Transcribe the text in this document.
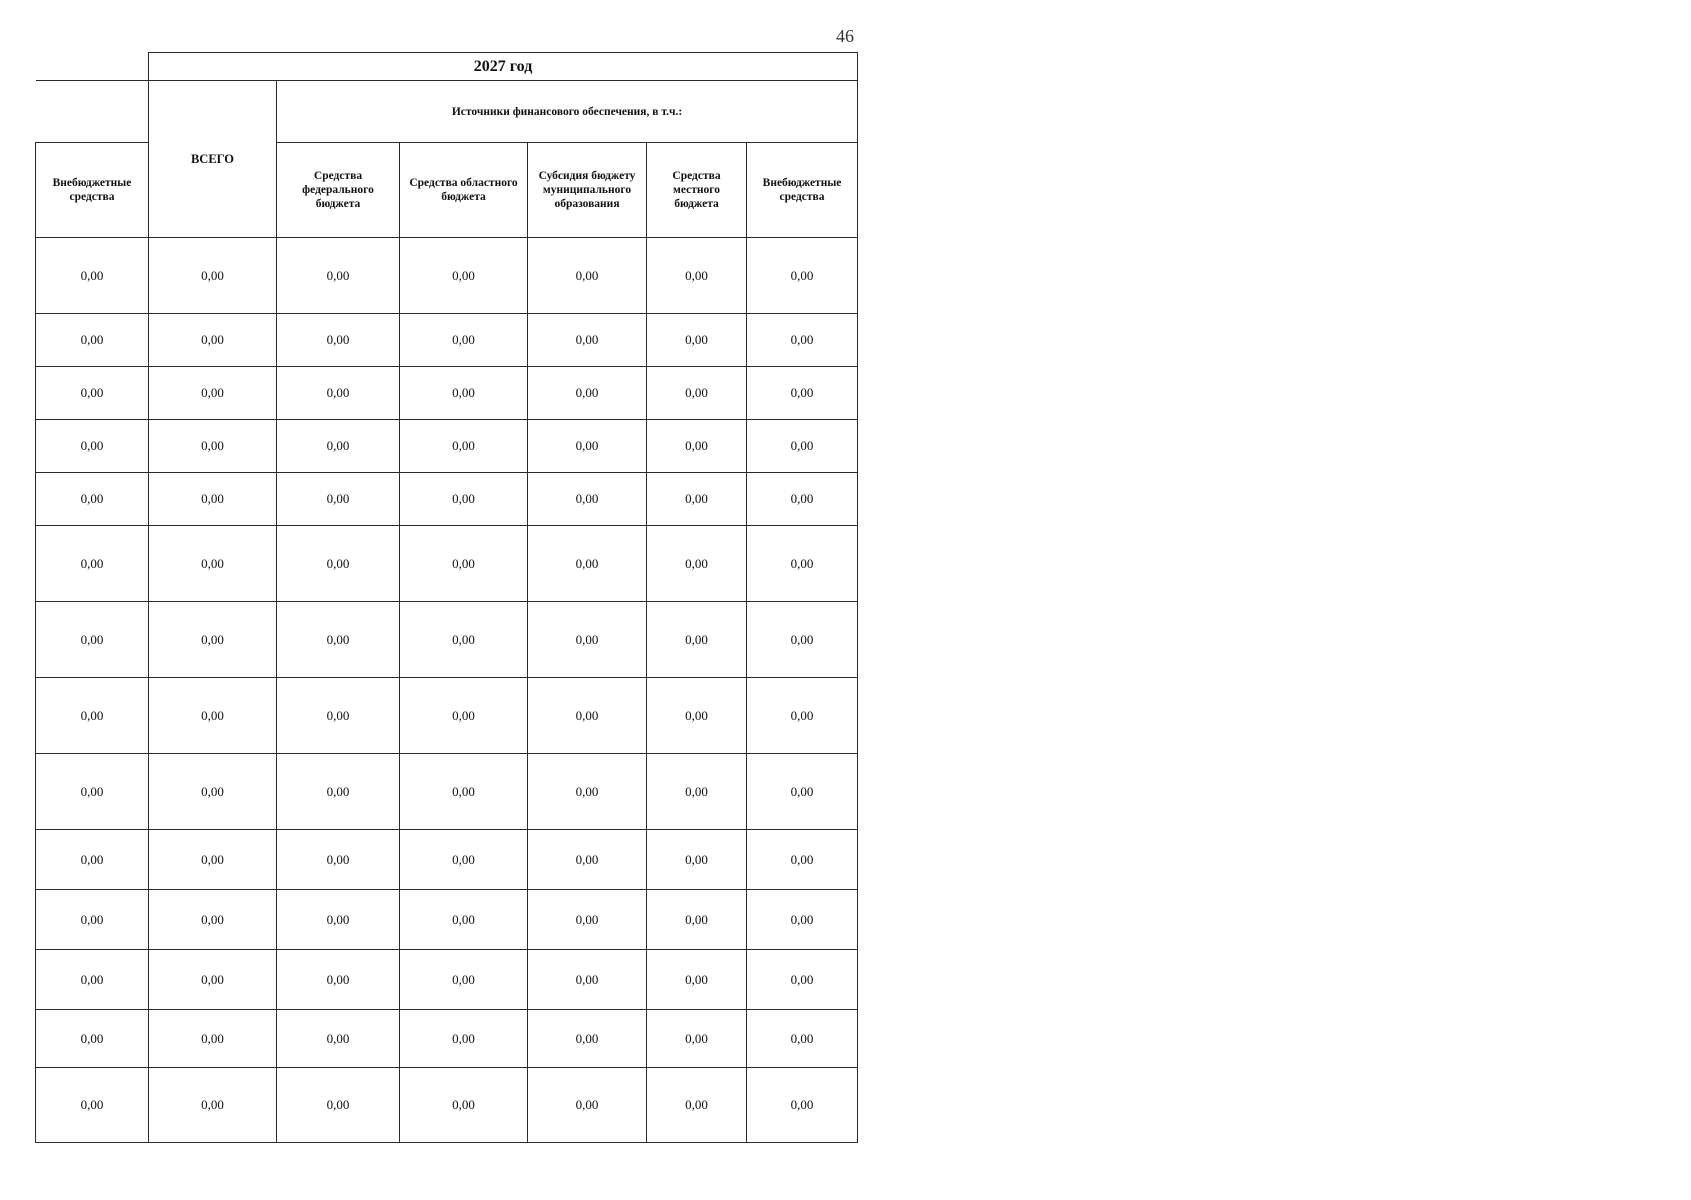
46
	2027 год					
	ВСЕГО	Источники финансового обеспечения, в т.ч.:				
Внебюджетные средства		Средства федерального бюджета	Средства областного бюджета	Субсидия бюджету муниципального образования	Средства местного бюджета	Внебюджетные средства
0,00	0,00	0,00	0,00	0,00	0,00	0,00
0,00	0,00	0,00	0,00	0,00	0,00	0,00
0,00	0,00	0,00	0,00	0,00	0,00	0,00
0,00	0,00	0,00	0,00	0,00	0,00	0,00
0,00	0,00	0,00	0,00	0,00	0,00	0,00
0,00	0,00	0,00	0,00	0,00	0,00	0,00
0,00	0,00	0,00	0,00	0,00	0,00	0,00
0,00	0,00	0,00	0,00	0,00	0,00	0,00
0,00	0,00	0,00	0,00	0,00	0,00	0,00
0,00	0,00	0,00	0,00	0,00	0,00	0,00
0,00	0,00	0,00	0,00	0,00	0,00	0,00
0,00	0,00	0,00	0,00	0,00	0,00	0,00
0,00	0,00	0,00	0,00	0,00	0,00	0,00
0,00	0,00	0,00	0,00	0,00	0,00	0,00
